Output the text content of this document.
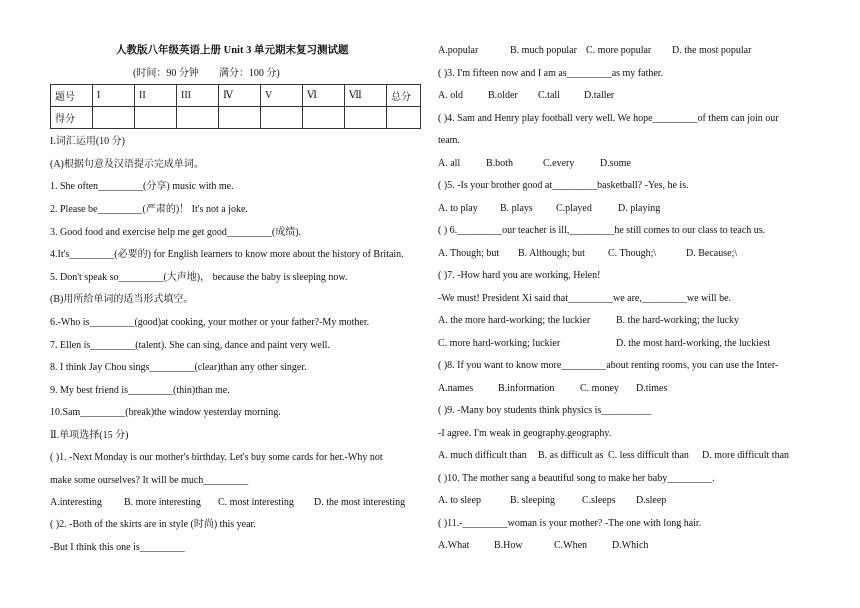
人教版八年级英语上册 Unit 3 单元期末复习测试题
(时间：90 分钟　　满分：100 分)
题号	I	II	III	Ⅳ	V	Ⅵ	Ⅶ	总分
得分								
I.词汇运用(10 分)
(A)根据句意及汉语提示完成单词。
1. She often_________(分享) music with me.
2. Please be_________(严肃的)！ It's not a joke.
3. Good food and exercise help me get good_________(成绩).
4.It's_________(必要的) for English learners to know more about the history of Britain.
5. Don't speak so_________(大声地)， because the baby is sleeping now.
(B)用所给单词的适当形式填空。
6.-Who is_________(good)at cooking, your mother or your father?-My mother.
7. Ellen is_________(talent). She can sing, dance and paint very well.
8. I think Jay Chou sings_________(clear)than any other singer.
9. My best friend is_________(thin)than me.
10.Sam_________(break)the window yesterday morning.
Ⅱ.单项选择(15 分)
( )1. -Next Monday is our mother's birthday. Let's buy some cards for her.-Why not
make some ourselves? It will be much_________
A.interesting B. more interesting C. most interesting D. the most interesting
( )2. -Both of the skirts are in style (时尚) this year.
-But I think this one is_________
A.popular	B. much popular C. more popular D. the most popular
( )3. I'm fifteen now and I am as_________as my father.
A. old	B.older C.tall D.taller
( )4. Sam and Henry play football very well. We hope_________of them can join our
team.
A. all	B.both	C.every	D.some
( )5. -Is your brother good at_________basketball? -Yes, he is.
A. to play B. plays C.played	D. playing
( ) 6._________our teacher is ill,_________he still comes to our class to teach us.
A. Though; but B. Although; but C. Though;\	D. Because;\
( )7. -How hard you are working, Helen!
-We must! President Xi said that_________we are,_________we will be.
A. the more hard-working; the luckier	B. the hard-working; the lucky
C. more hard-working; luckier	D. the most hard-working, the luckiest
( )8. If you want to know more_________about renting rooms, you can use the Inter-
A.names B.information	C. money D.times
( )9. -Many boy students think physics is__________
-I agree. I'm weak in geography.geography.
A. much difficult than B. as difficult as C. less difficult than D. more difficult than
( )10. The mother sang a beautiful song to make her baby_________.
A. to sleep	B. sleeping	C.sleeps D.sleep
( )11.-_________woman is your mother? -The one with long hair.
A.What B.How	C.When D.Which
